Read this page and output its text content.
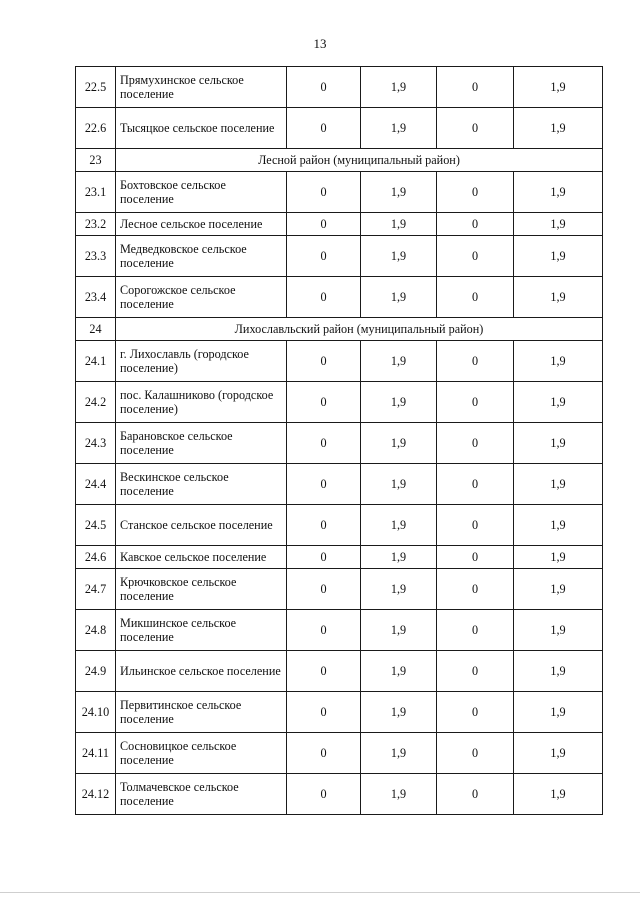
13
22.5	Прямухинское сельское поселение	0	1,9	0	1,9
22.6	Тысяцкое сельское поселение	0	1,9	0	1,9
23	Лесной район (муниципальный район)				
23.1	Бохтовское сельское поселение	0	1,9	0	1,9
23.2	Лесное сельское поселение	0	1,9	0	1,9
23.3	Медведковское сельское поселение	0	1,9	0	1,9
23.4	Сорогожское сельское поселение	0	1,9	0	1,9
24	Лихославльский район (муниципальный район)				
24.1	г. Лихославль (городское поселение)	0	1,9	0	1,9
24.2	пос. Калашниково (городское поселение)	0	1,9	0	1,9
24.3	Барановское сельское поселение	0	1,9	0	1,9
24.4	Вескинское сельское поселение	0	1,9	0	1,9
24.5	Станское сельское поселение	0	1,9	0	1,9
24.6	Кавское сельское поселение	0	1,9	0	1,9
24.7	Крючковское сельское поселение	0	1,9	0	1,9
24.8	Микшинское сельское поселение	0	1,9	0	1,9
24.9	Ильинское сельское поселение	0	1,9	0	1,9
24.10	Первитинское сельское поселение	0	1,9	0	1,9
24.11	Сосновицкое сельское поселение	0	1,9	0	1,9
24.12	Толмачевское сельское поселение	0	1,9	0	1,9
